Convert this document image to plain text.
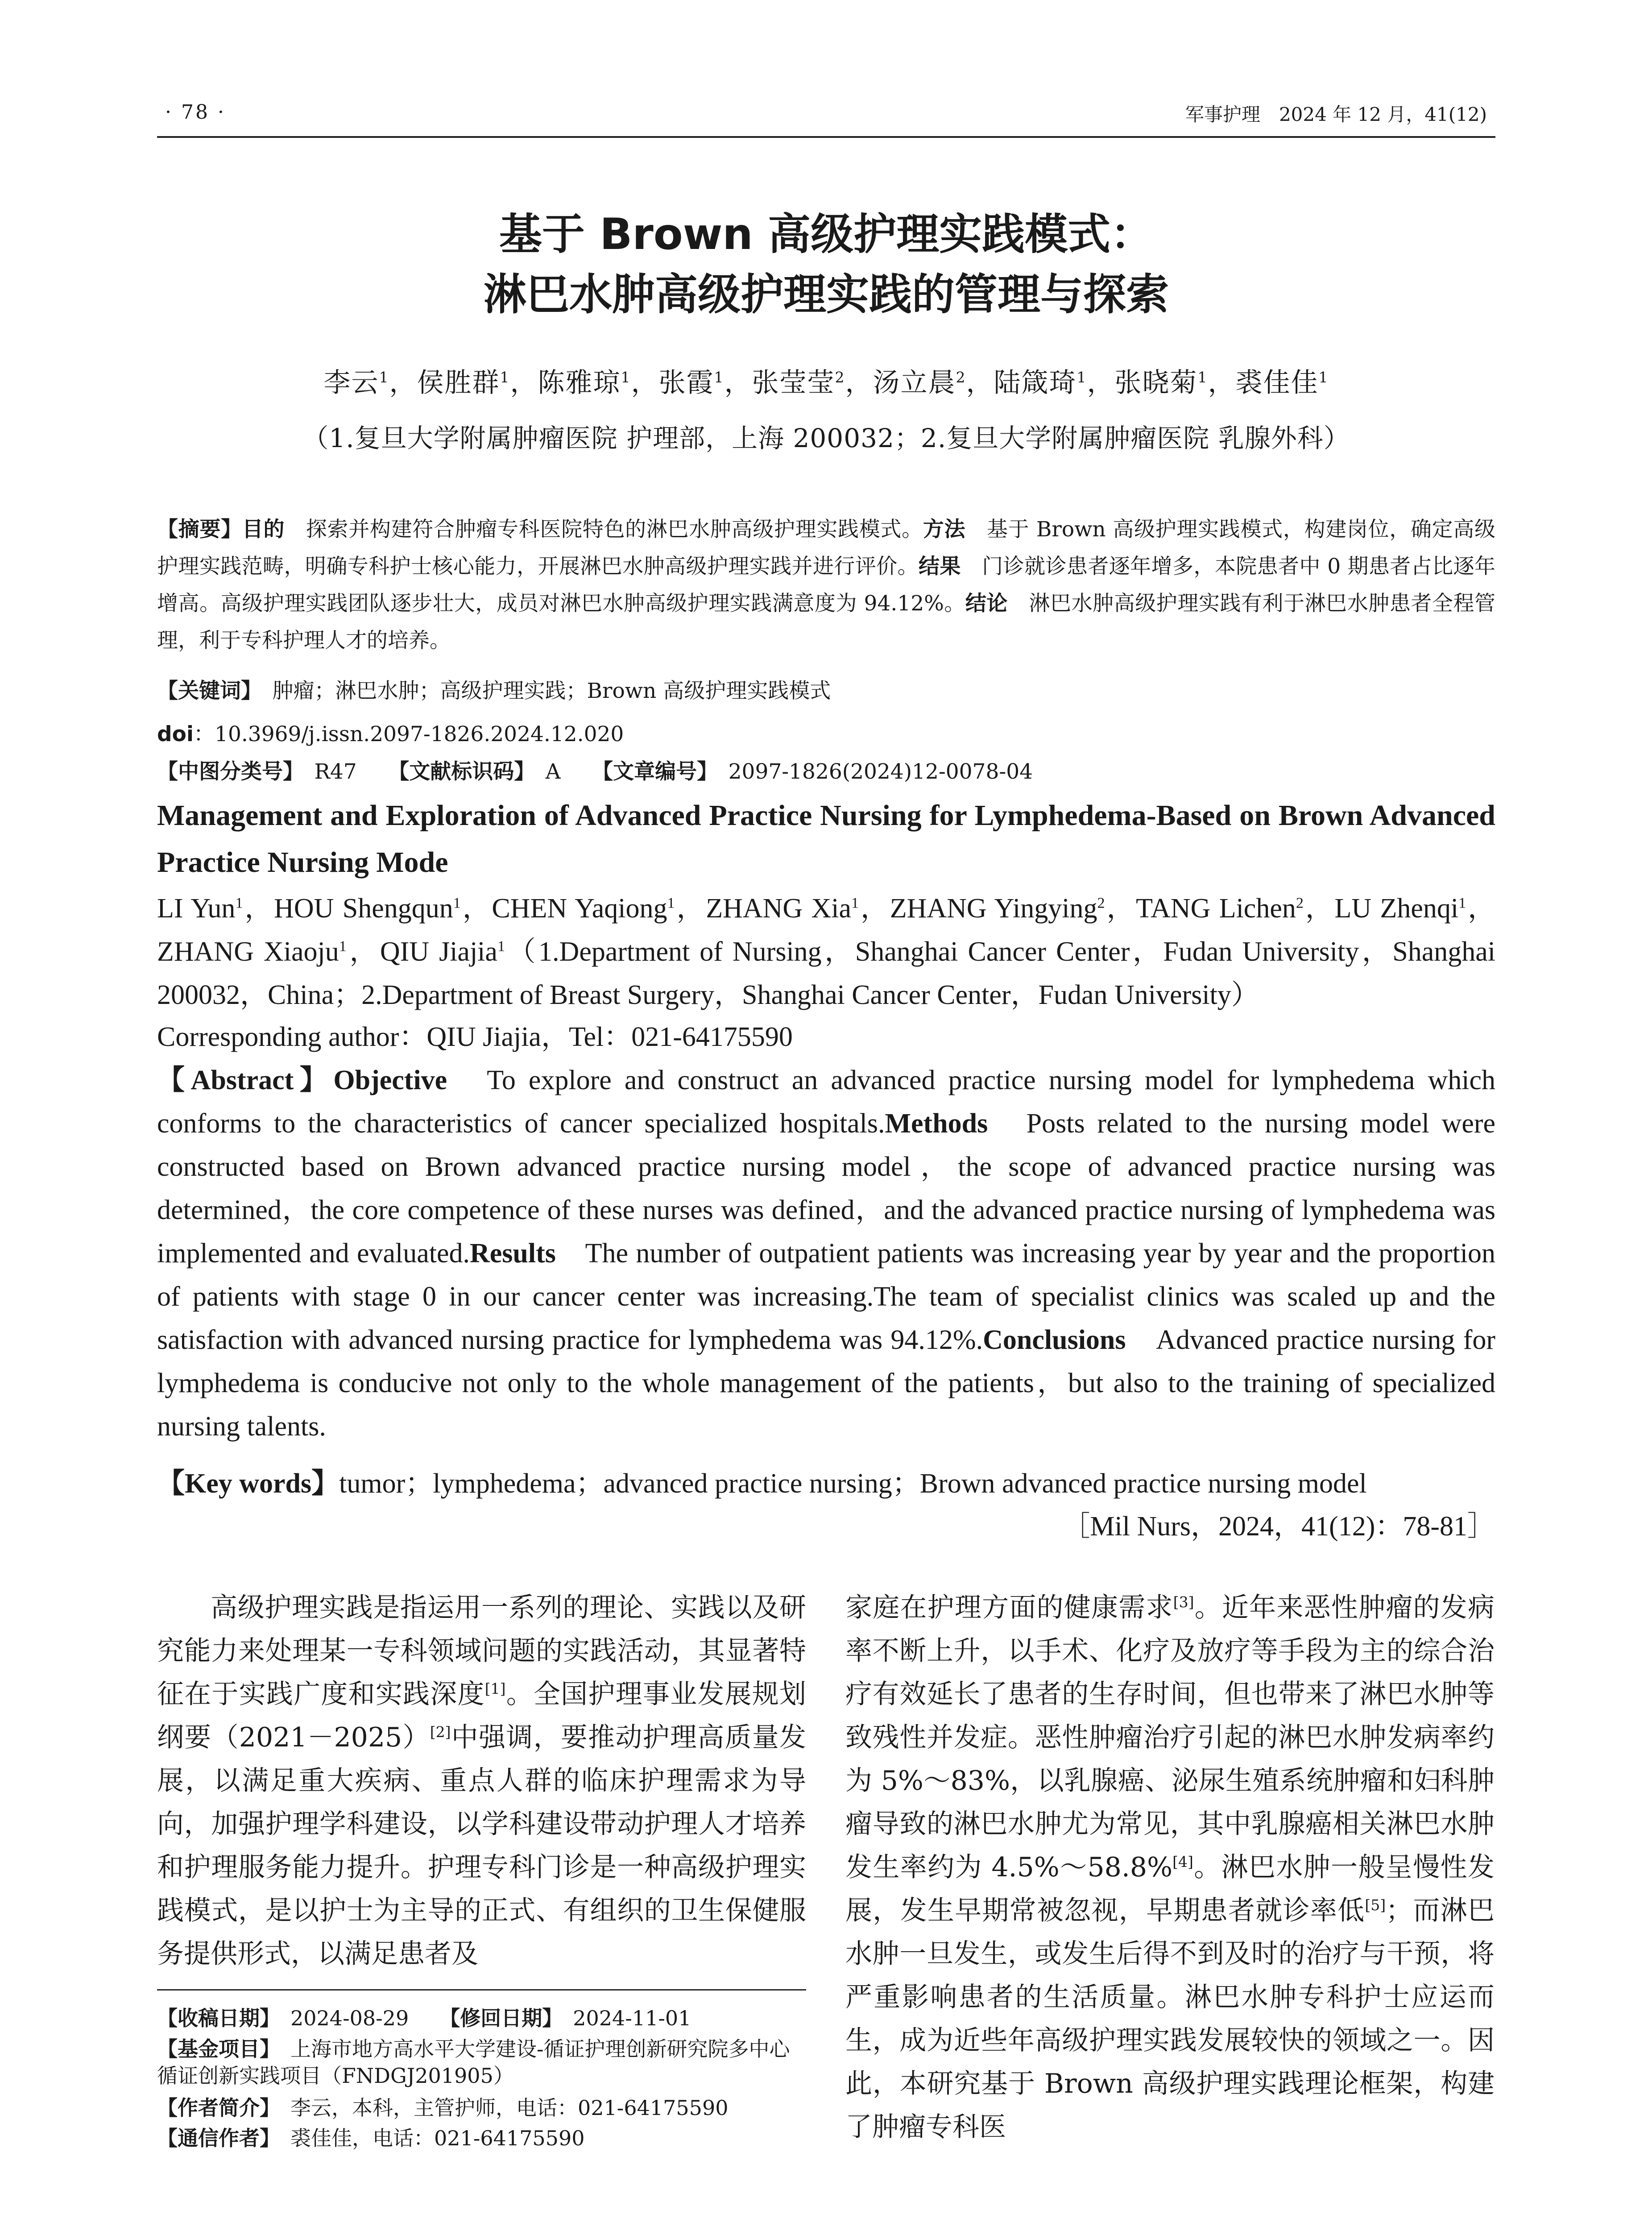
· 78 ·	军事护理　2024 年 12 月，41(12)
基于 Brown 高级护理实践模式：
淋巴水肿高级护理实践的管理与探索
李云$^1$，侯胜群$^1$，陈雅琼$^1$，张霞$^1$，张莹莹$^2$，汤立晨$^2$，陆箴琦$^1$，张晓菊$^1$，裘佳佳$^1$
（1.复旦大学附属肿瘤医院 护理部，上海 200032；2.复旦大学附属肿瘤医院 乳腺外科）
【摘要】目的　探索并构建符合肿瘤专科医院特色的淋巴水肿高级护理实践模式。方法　基于 Brown 高级护理实践模式，构建岗位，确定高级护理实践范畴，明确专科护士核心能力，开展淋巴水肿高级护理实践并进行评价。结果　门诊就诊患者逐年增多，本院患者中 0 期患者占比逐年增高。高级护理实践团队逐步壮大，成员对淋巴水肿高级护理实践满意度为 94.12%。结论　淋巴水肿高级护理实践有利于淋巴水肿患者全程管理，利于专科护理人才的培养。
【关键词】　肿瘤；淋巴水肿；高级护理实践；Brown 高级护理实践模式
doi：10.3969/j.issn.2097-1826.2024.12.020
【中图分类号】　R47　　【文献标识码】　A　　【文章编号】　2097-1826(2024)12-0078-04
Management and Exploration of Advanced Practice Nursing for Lymphedema-Based on Brown Advanced Practice Nursing Mode
LI Yun$^1$，HOU Shengqun$^1$，CHEN Yaqiong$^1$，ZHANG Xia$^1$，ZHANG Yingying$^2$，TANG Lichen$^2$，LU Zhenqi$^1$，ZHANG Xiaoju$^1$，QIU Jiajia$^1$（1.Department of Nursing，Shanghai Cancer Center，Fudan University，Shanghai 200032，China；2.Department of Breast Surgery，Shanghai Cancer Center，Fudan University）
Corresponding author：QIU Jiajia，Tel：021-64175590
【Abstract】Objective　To explore and construct an advanced practice nursing model for lymphedema which conforms to the characteristics of cancer specialized hospitals.Methods　Posts related to the nursing model were constructed based on Brown advanced practice nursing model，the scope of advanced practice nursing was determined，the core competence of these nurses was defined，and the advanced practice nursing of lymphedema was implemented and evaluated.Results　The number of outpatient patients was increasing year by year and the proportion of patients with stage 0 in our cancer center was increasing.The team of specialist clinics was scaled up and the satisfaction with advanced nursing practice for lymphedema was 94.12%.Conclusions　Advanced practice nursing for lymphedema is conducive not only to the whole management of the patients，but also to the training of specialized nursing talents.
【Key words】tumor；lymphedema；advanced practice nursing；Brown advanced practice nursing model
［Mil Nurs，2024，41(12)：78-81］
高级护理实践是指运用一系列的理论、实践以及研究能力来处理某一专科领域问题的实践活动，其显著特征在于实践广度和实践深度[1]。全国护理事业发展规划纲要（2021－2025）[2]中强调，要推动护理高质量发展，以满足重大疾病、重点人群的临床护理需求为导向，加强护理学科建设，以学科建设带动护理人才培养和护理服务能力提升。护理专科门诊是一种高级护理实践模式，是以护士为主导的正式、有组织的卫生保健服务提供形式，以满足患者及
家庭在护理方面的健康需求[3]。近年来恶性肿瘤的发病率不断上升，以手术、化疗及放疗等手段为主的综合治疗有效延长了患者的生存时间，但也带来了淋巴水肿等致残性并发症。恶性肿瘤治疗引起的淋巴水肿发病率约为 5%～83%，以乳腺癌、泌尿生殖系统肿瘤和妇科肿瘤导致的淋巴水肿尤为常见，其中乳腺癌相关淋巴水肿发生率约为 4.5%～58.8%[4]。淋巴水肿一般呈慢性发展，发生早期常被忽视，早期患者就诊率低[5]；而淋巴水肿一旦发生，或发生后得不到及时的治疗与干预，将严重影响患者的生活质量。淋巴水肿专科护士应运而生，成为近些年高级护理实践发展较快的领域之一。因此，本研究基于 Brown 高级护理实践理论框架，构建了肿瘤专科医
【收稿日期】　2024-08-29　　【修回日期】　2024-11-01
【基金项目】　上海市地方高水平大学建设-循证护理创新研究院多中心循证创新实践项目（FNDGJ201905）
【作者简介】　李云，本科，主管护师，电话：021-64175590
【通信作者】　裘佳佳，电话：021-64175590
